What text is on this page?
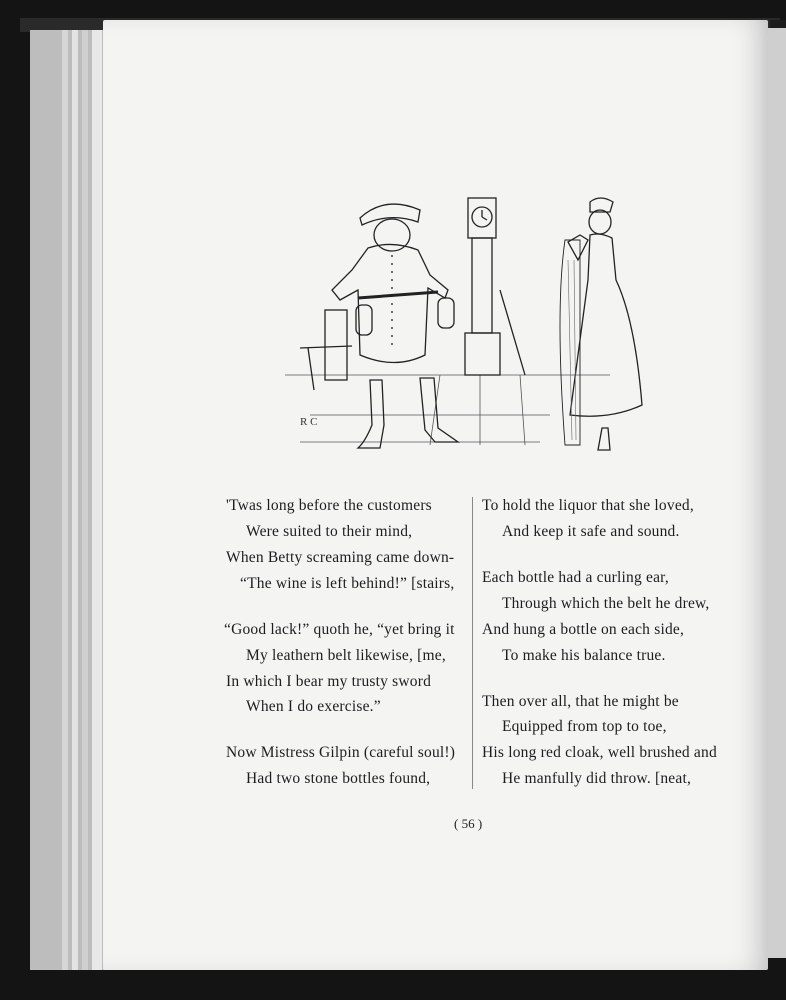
R C
'Twas long before the customers
Were suited to their mind,
When Betty screaming came down-
“The wine is left behind!” [stairs,
“Good lack!” quoth he, “yet bring it
My leathern belt likewise, [me,
In which I bear my trusty sword
When I do exercise.”
Now Mistress Gilpin (careful soul!)
Had two stone bottles found,
To hold the liquor that she loved,
And keep it safe and sound.
Each bottle had a curling ear,
Through which the belt he drew,
And hung a bottle on each side,
To make his balance true.
Then over all, that he might be
Equipped from top to toe,
His long red cloak, well brushed and
He manfully did throw. [neat,
( 56 )
